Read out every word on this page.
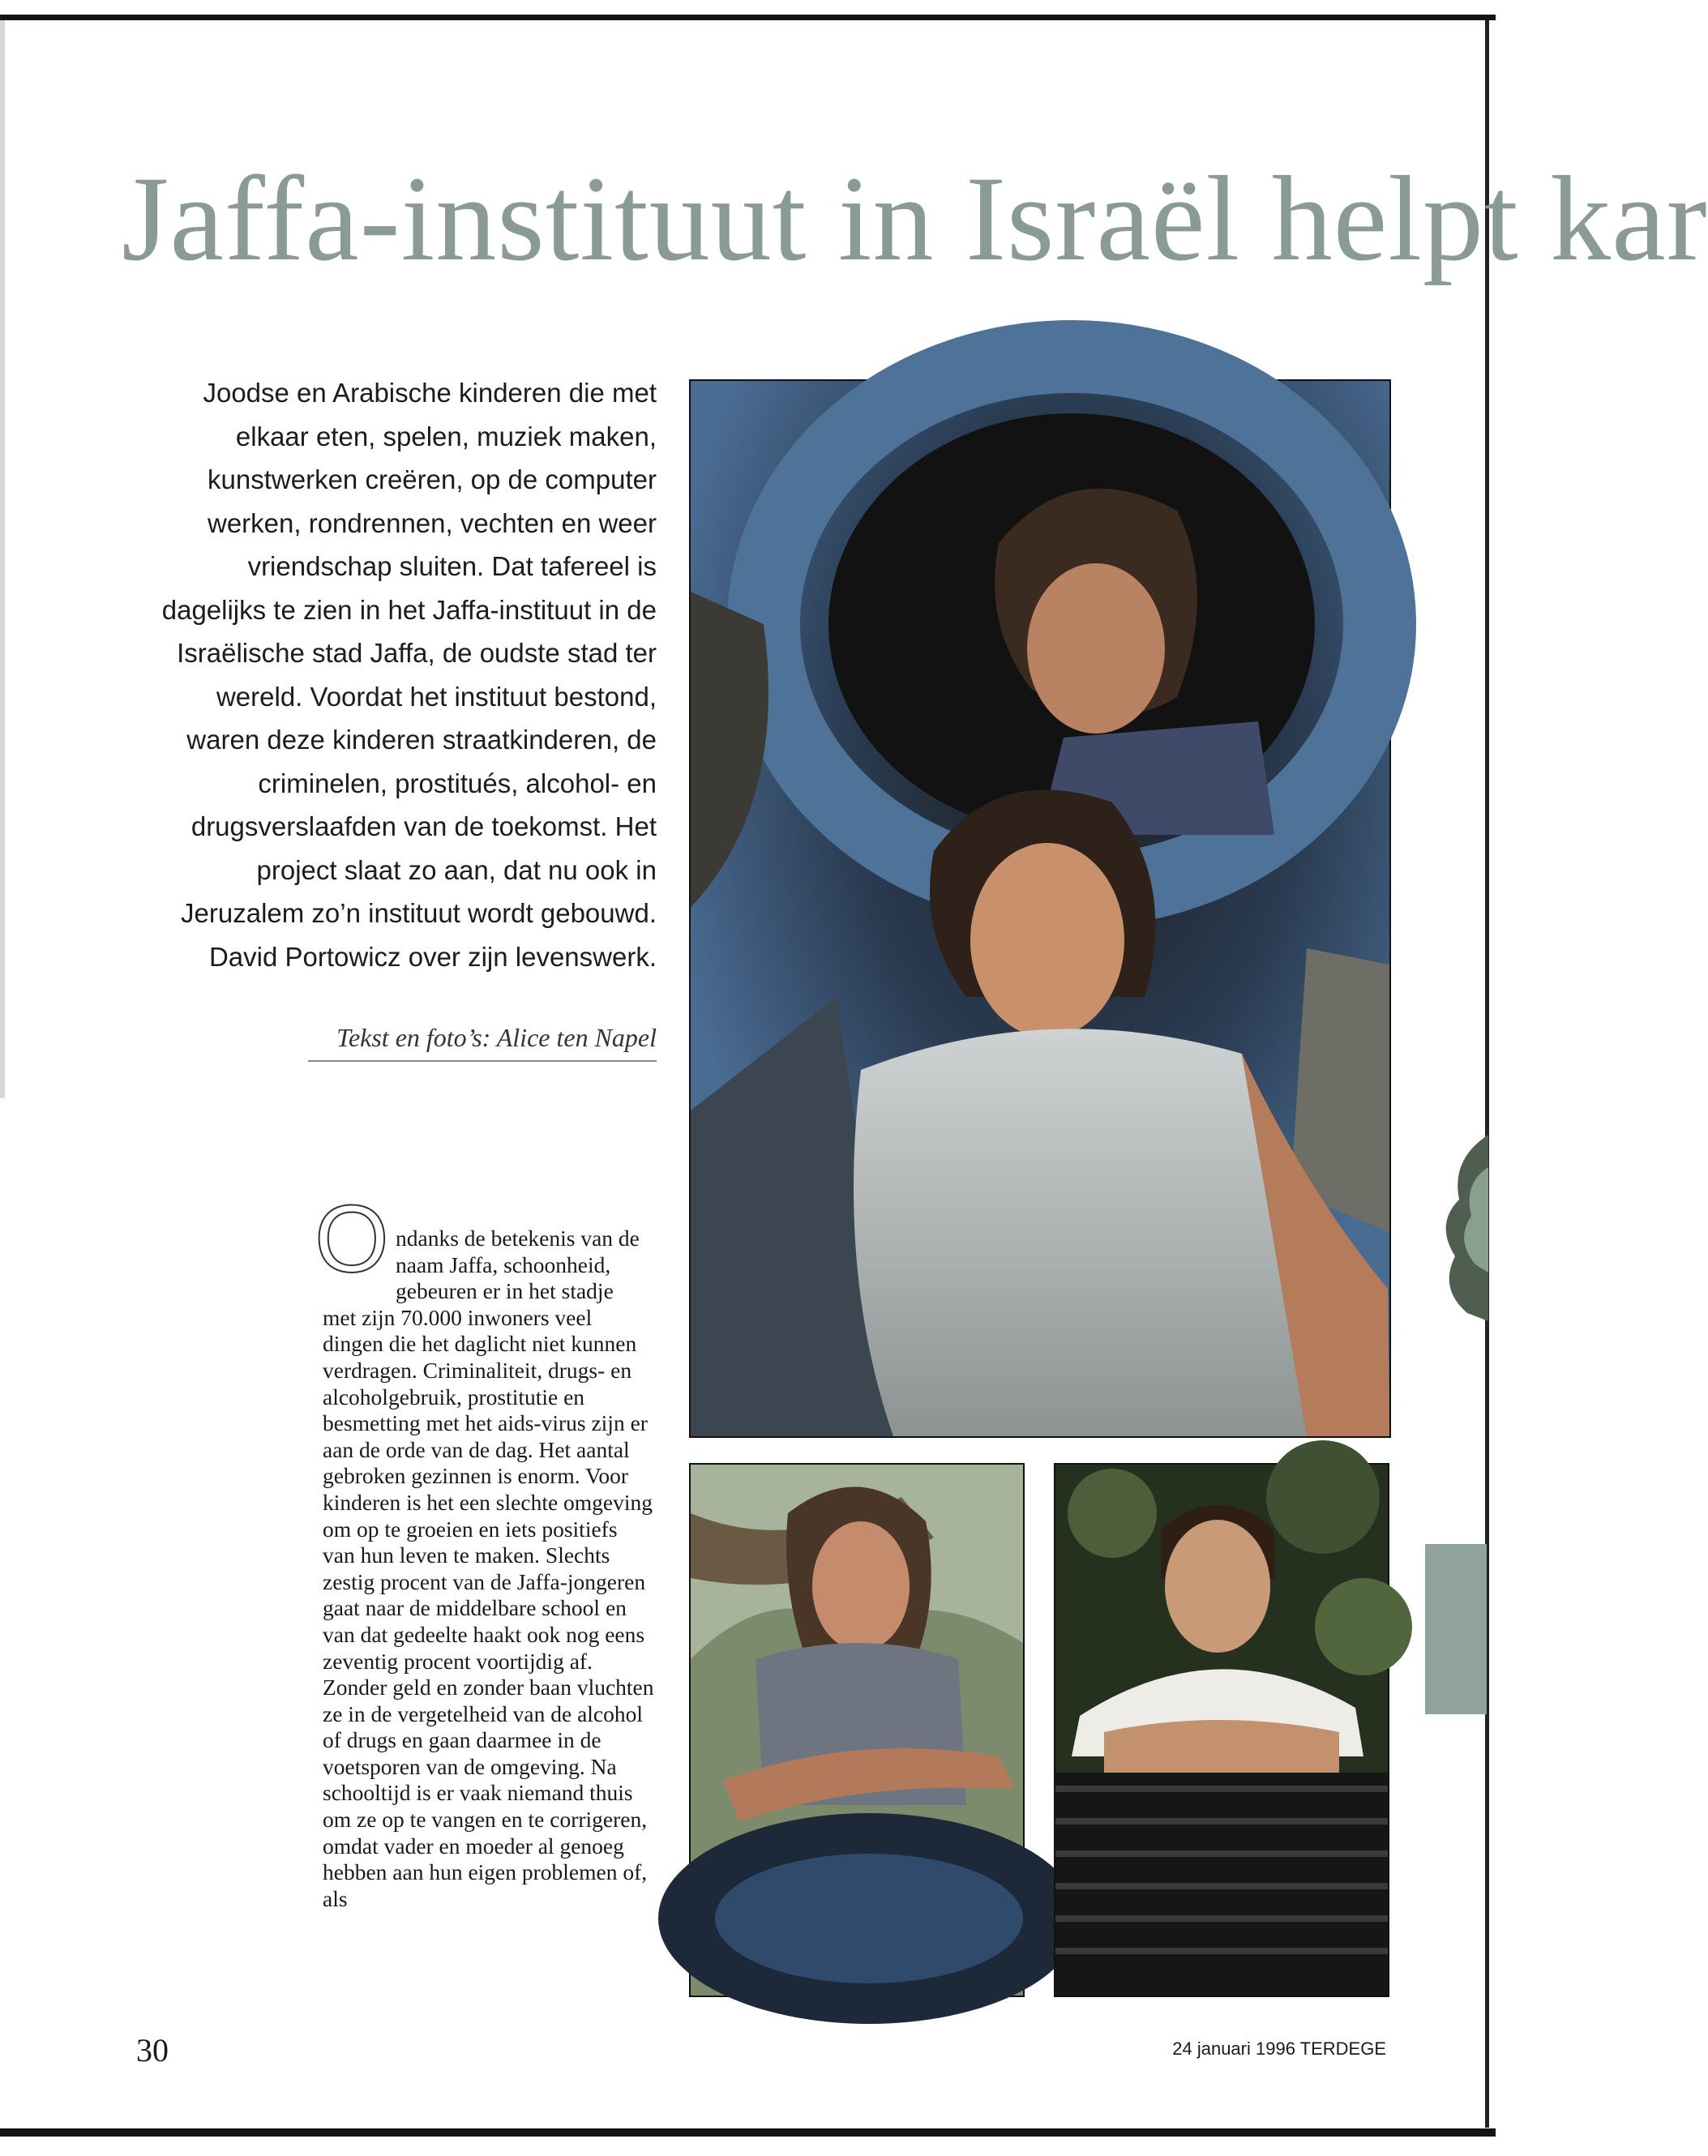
Jaffa-instituut in Israël helpt kar
Joodse en Arabische kinderen die met elkaar eten, spelen, muziek maken, kunstwerken creëren, op de computer werken, rondrennen, vechten en weer vriendschap sluiten. Dat tafereel is dagelijks te zien in het Jaffa-instituut in de Israëlische stad Jaffa, de oudste stad ter wereld. Voordat het instituut bestond, waren deze kinderen straatkinderen, de criminelen, prostitués, alcohol- en drugsverslaafden van de toekomst. Het project slaat zo aan, dat nu ook in Jeruzalem zo’n instituut wordt gebouwd. David Portowicz over zijn levenswerk.
Tekst en foto’s: Alice ten Napel
O ndanks de betekenis van de naam Jaffa, schoonheid, gebeuren er in het stadje
met zijn 70.000 inwoners veel dingen die het daglicht niet kunnen verdragen. Criminaliteit, drugs- en alcoholgebruik, prostitutie en besmetting met het aids-virus zijn er aan de orde van de dag. Het aantal gebroken gezinnen is enorm. Voor kinderen is het een slechte omgeving om op te groeien en iets positiefs van hun leven te maken. Slechts zestig procent van de Jaffa-jongeren gaat naar de middelbare school en van dat gedeelte haakt ook nog eens zeventig procent voortijdig af. Zonder geld en zonder baan vluchten ze in de vergetelheid van de alcohol of drugs en gaan daarmee in de voetsporen van de omgeving. Na schooltijd is er vaak niemand thuis om ze op te vangen en te corrigeren, omdat vader en moeder al genoeg hebben aan hun eigen problemen of, als
30	24 januari 1996 TERDEGE
